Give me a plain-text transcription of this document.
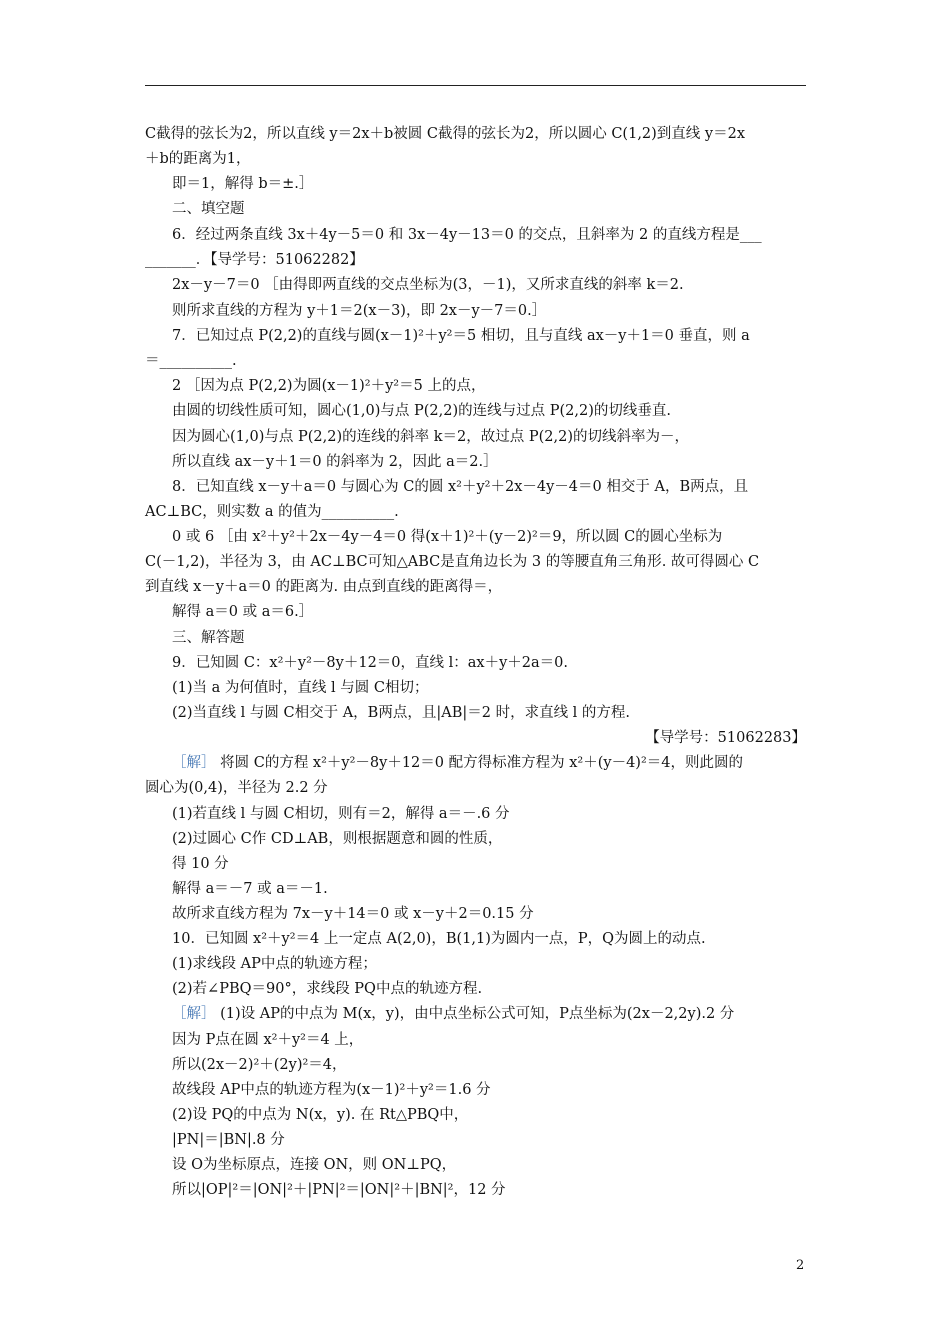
C截得的弦长为2，所以直线 y＝2x＋b被圆 C截得的弦长为2，所以圆心 C(1,2)到直线 y＝2x
＋b的距离为1，
即＝1，解得 b＝±.］
二、填空题
6．经过两条直线 3x＋4y－5＝0 和 3x－4y－13＝0 的交点，且斜率为 2 的直线方程是___
_______．【导学号：51062282】
2x－y－7＝0 ［由得即两直线的交点坐标为(3，－1)，又所求直线的斜率 k＝2.
则所求直线的方程为 y＋1＝2(x－3)，即 2x－y－7＝0.］
7．已知过点 P(2,2)的直线与圆(x－1)²＋y²＝5 相切，且与直线 ax－y＋1＝0 垂直，则 a
＝__________.
2 ［因为点 P(2,2)为圆(x－1)²＋y²＝5 上的点，
由圆的切线性质可知，圆心(1,0)与点 P(2,2)的连线与过点 P(2,2)的切线垂直.
因为圆心(1,0)与点 P(2,2)的连线的斜率 k＝2，故过点 P(2,2)的切线斜率为－，
所以直线 ax－y＋1＝0 的斜率为 2，因此 a＝2.］
8．已知直线 x－y＋a＝0 与圆心为 C的圆 x²＋y²＋2x－4y－4＝0 相交于 A，B两点，且
AC⊥BC，则实数 a 的值为__________.
0 或 6 ［由 x²＋y²＋2x－4y－4＝0 得(x＋1)²＋(y－2)²＝9，所以圆 C的圆心坐标为
C(－1,2)，半径为 3，由 AC⊥BC可知△ABC是直角边长为 3 的等腰直角三角形. 故可得圆心 C
到直线 x－y＋a＝0 的距离为. 由点到直线的距离得＝，
解得 a＝0 或 a＝6.］
三、解答题
9．已知圆 C：x²＋y²－8y＋12＝0，直线 l：ax＋y＋2a＝0.
(1)当 a 为何值时，直线 l 与圆 C相切；
(2)当直线 l 与圆 C相交于 A，B两点，且|AB|＝2 时，求直线 l 的方程.
【导学号：51062283】
［解］ 将圆 C的方程 x²＋y²－8y＋12＝0 配方得标准方程为 x²＋(y－4)²＝4，则此圆的
圆心为(0,4)，半径为 2.2 分
(1)若直线 l 与圆 C相切，则有＝2，解得 a＝－.6 分
(2)过圆心 C作 CD⊥AB，则根据题意和圆的性质，
得 10 分
解得 a＝－7 或 a＝－1.
故所求直线方程为 7x－y＋14＝0 或 x－y＋2＝0.15 分
10．已知圆 x²＋y²＝4 上一定点 A(2,0)，B(1,1)为圆内一点，P，Q为圆上的动点.
(1)求线段 AP中点的轨迹方程；
(2)若∠PBQ＝90°，求线段 PQ中点的轨迹方程.
［解］ (1)设 AP的中点为 M(x，y)，由中点坐标公式可知，P点坐标为(2x－2,2y).2 分
因为 P点在圆 x²＋y²＝4 上，
所以(2x－2)²＋(2y)²＝4，
故线段 AP中点的轨迹方程为(x－1)²＋y²＝1.6 分
(2)设 PQ的中点为 N(x，y). 在 Rt△PBQ中，
|PN|＝|BN|.8 分
设 O为坐标原点，连接 ON，则 ON⊥PQ，
所以|OP|²＝|ON|²＋|PN|²＝|ON|²＋|BN|²，12 分
2
